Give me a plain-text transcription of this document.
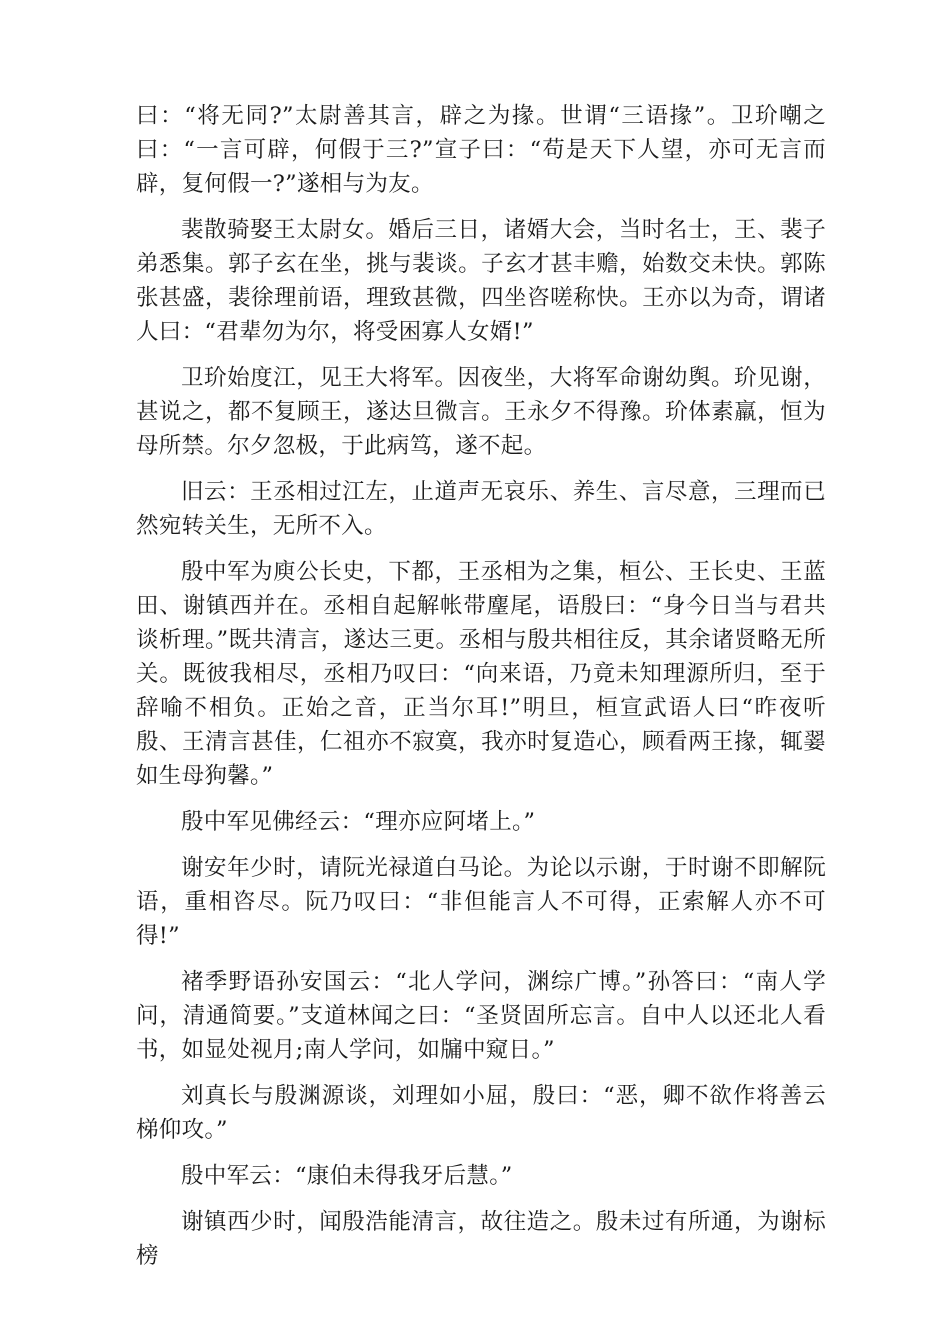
曰：“将无同?”太尉善其言，辟之为掾。世谓“三语掾”。卫玠嘲之曰：“一言可辟，何假于三?”宣子曰：“苟是天下人望，亦可无言而辟，复何假一?”遂相与为友。

裴散骑娶王太尉女。婚后三日，诸婿大会，当时名士，王、裴子弟悉集。郭子玄在坐，挑与裴谈。子玄才甚丰赡，始数交未快。郭陈张甚盛，裴徐理前语，理致甚微，四坐咨嗟称快。王亦以为奇，谓诸人曰：“君辈勿为尔，将受困寡人女婿!”

卫玠始度江，见王大将军。因夜坐，大将军命谢幼舆。玠见谢，甚说之，都不复顾王，遂达旦微言。王永夕不得豫。玠体素羸，恒为母所禁。尔夕忽极，于此病笃，遂不起。

旧云：王丞相过江左，止道声无哀乐、养生、言尽意，三理而已然宛转关生，无所不入。

殷中军为庾公长史，下都，王丞相为之集，桓公、王长史、王蓝田、谢镇西并在。丞相自起解帐带麈尾，语殷曰：“身今日当与君共谈析理。”既共清言，遂达三更。丞相与殷共相往反，其余诸贤略无所关。既彼我相尽，丞相乃叹曰：“向来语，乃竟未知理源所归，至于辞喻不相负。正始之音，正当尔耳!”明旦，桓宣武语人曰“昨夜听殷、王清言甚佳，仁祖亦不寂寞，我亦时复造心，顾看两王掾，辄翣如生母狗馨。”

殷中军见佛经云：“理亦应阿堵上。”

谢安年少时，请阮光禄道白马论。为论以示谢，于时谢不即解阮语，重相咨尽。阮乃叹曰：“非但能言人不可得，正索解人亦不可得!”

褚季野语孙安国云：“北人学问，渊综广博。”孙答曰：“南人学问，清通简要。”支道林闻之曰：“圣贤固所忘言。自中人以还北人看书，如显处视月;南人学问，如牖中窥日。”

刘真长与殷渊源谈，刘理如小屈，殷曰：“恶，卿不欲作将善云梯仰攻。”

殷中军云：“康伯未得我牙后慧。”

谢镇西少时，闻殷浩能清言，故往造之。殷未过有所通，为谢标榜
